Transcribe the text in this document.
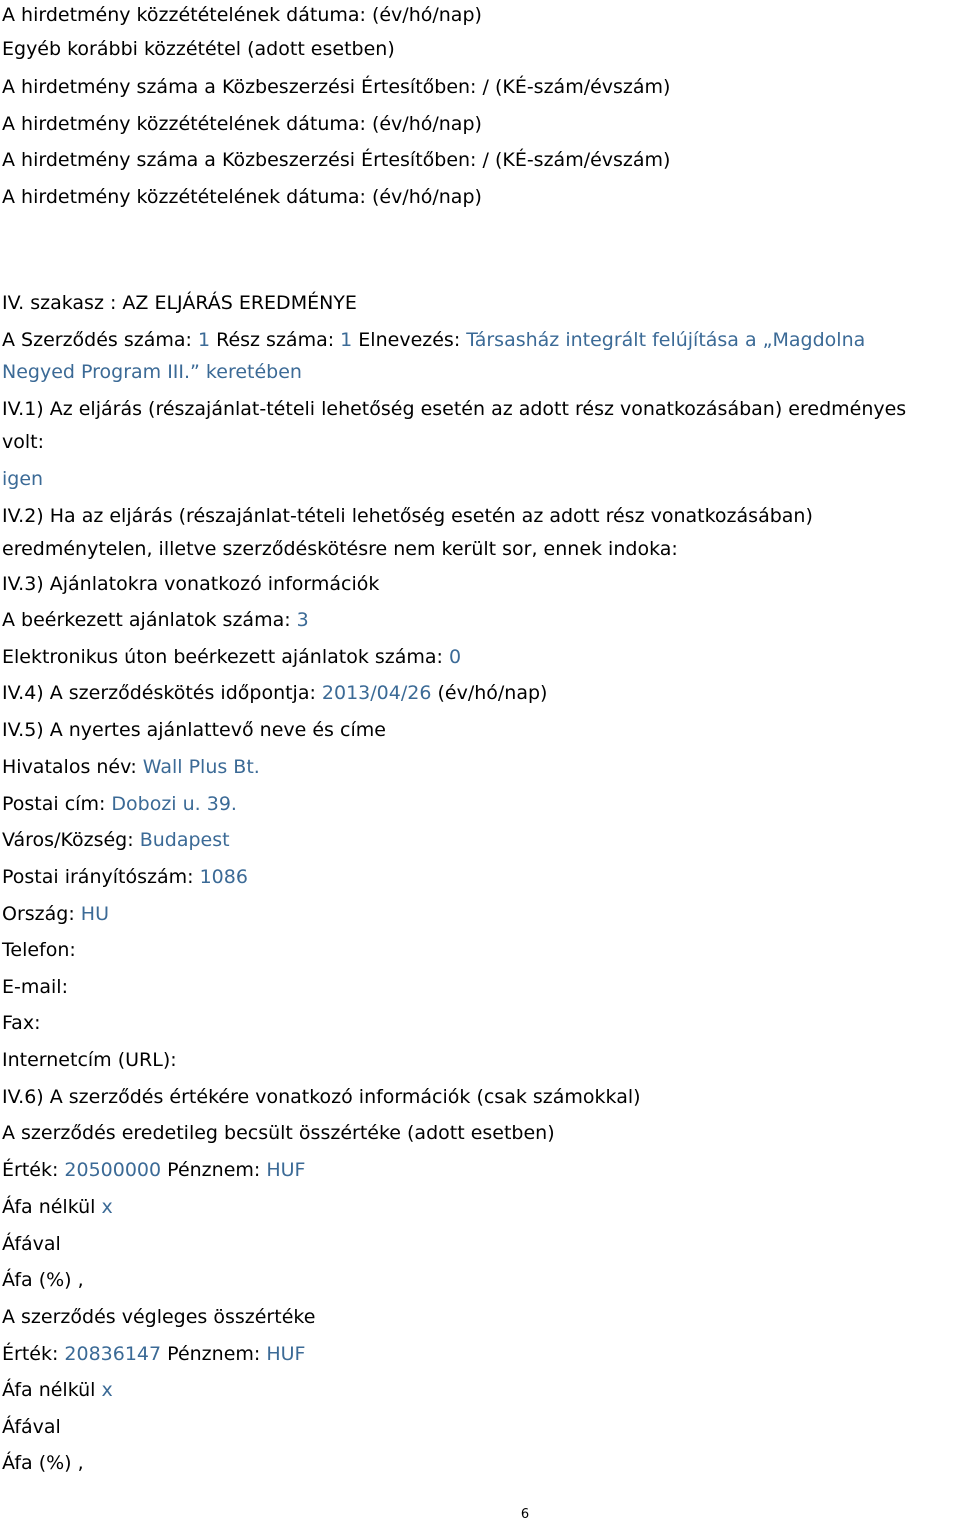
A hirdetmény közzétételének dátuma: (év/hó/nap)
Egyéb korábbi közzététel (adott esetben)
A hirdetmény száma a Közbeszerzési Értesítőben: / (KÉ-szám/évszám)
A hirdetmény közzétételének dátuma: (év/hó/nap)
A hirdetmény száma a Közbeszerzési Értesítőben: / (KÉ-szám/évszám)
A hirdetmény közzétételének dátuma: (év/hó/nap)
IV. szakasz : AZ ELJÁRÁS EREDMÉNYE
A Szerződés száma: 1 Rész száma: 1 Elnevezés: Társasház integrált felújítása a „Magdolna
Negyed Program III.” keretében
IV.1) Az eljárás (részajánlat-tételi lehetőség esetén az adott rész vonatkozásában) eredményes
volt:
igen
IV.2) Ha az eljárás (részajánlat-tételi lehetőség esetén az adott rész vonatkozásában)
eredménytelen, illetve szerződéskötésre nem került sor, ennek indoka:
IV.3) Ajánlatokra vonatkozó információk
A beérkezett ajánlatok száma: 3
Elektronikus úton beérkezett ajánlatok száma: 0
IV.4) A szerződéskötés időpontja: 2013/04/26 (év/hó/nap)
IV.5) A nyertes ajánlattevő neve és címe
Hivatalos név: Wall Plus Bt.
Postai cím: Dobozi u. 39.
Város/Község: Budapest
Postai irányítószám: 1086
Ország: HU
Telefon:
E-mail:
Fax:
Internetcím (URL):
IV.6) A szerződés értékére vonatkozó információk (csak számokkal)
A szerződés eredetileg becsült összértéke (adott esetben)
Érték: 20500000 Pénznem: HUF
Áfa nélkül x
Áfával
Áfa (%) ,
A szerződés végleges összértéke
Érték: 20836147 Pénznem: HUF
Áfa nélkül x
Áfával
Áfa (%) ,
6
